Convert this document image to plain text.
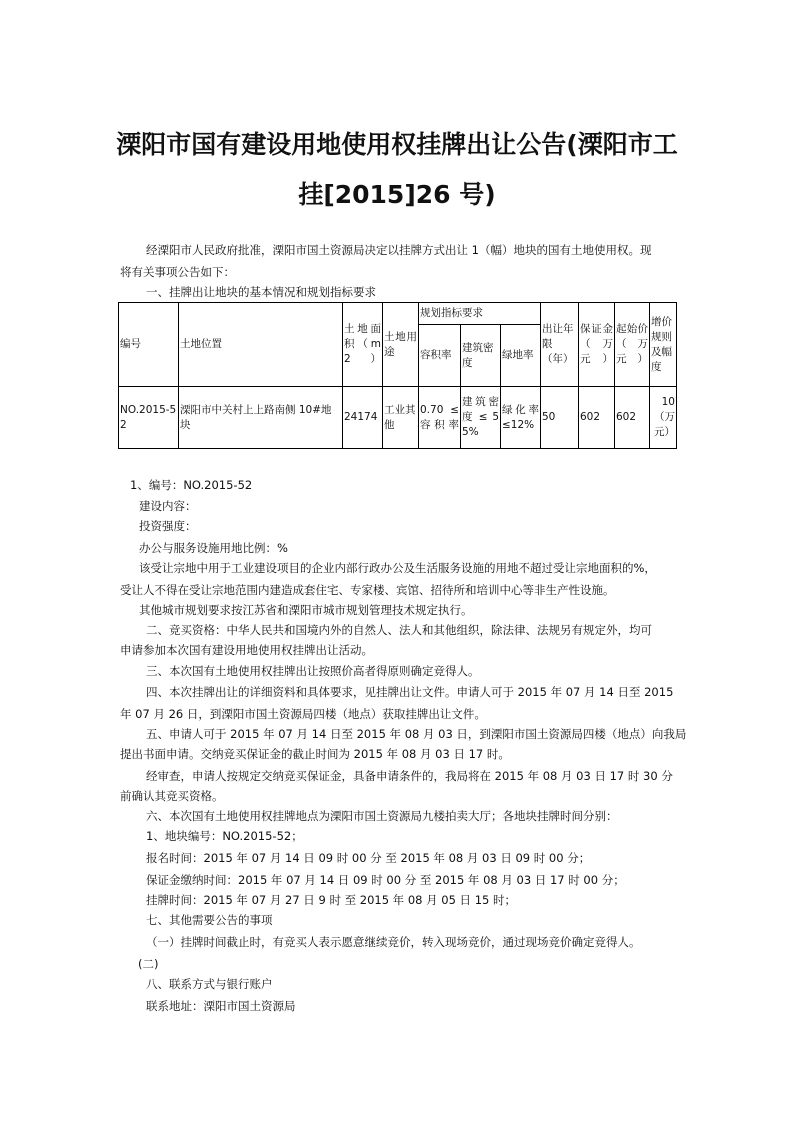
溧阳市国有建设用地使用权挂牌出让公告(溧阳市工
挂[2015]26 号)
经溧阳市人民政府批准，溧阳市国土资源局决定以挂牌方式出让 1（幅）地块的国有土地使用权。现
将有关事项公告如下：
一、挂牌出让地块的基本情况和规划指标要求
编号	土地位置	土地面积（m2）	土地用途	规划指标要求			出让年限（年）	保证金（万元）	起始价（万元）	增价规则及幅度
				容积率	建筑密度	绿地率				
NO.2015-52	溧阳市中关村上上路南侧 10#地块	24174	工业其他	0.70 ≤容积率	建筑密度 ≤ 55%	绿化率≤12%	50	602	602	10（万元）
1、编号：NO.2015-52
建设内容：
投资强度：
办公与服务设施用地比例：%
该受让宗地中用于工业建设项目的企业内部行政办公及生活服务设施的用地不超过受让宗地面积的%，
受让人不得在受让宗地范围内建造成套住宅、专家楼、宾馆、招待所和培训中心等非生产性设施。
其他城市规划要求按江苏省和溧阳市城市规划管理技术规定执行。
二、竞买资格：中华人民共和国境内外的自然人、法人和其他组织，除法律、法规另有规定外，均可
申请参加本次国有建设用地使用权挂牌出让活动。
三、本次国有土地使用权挂牌出让按照价高者得原则确定竞得人。
四、本次挂牌出让的详细资料和具体要求，见挂牌出让文件。申请人可于 2015 年 07 月 14 日至 2015
年 07 月 26 日，到溧阳市国土资源局四楼（地点）获取挂牌出让文件。
五、申请人可于 2015 年 07 月 14 日至 2015 年 08 月 03 日，到溧阳市国土资源局四楼（地点）向我局
提出书面申请。交纳竞买保证金的截止时间为 2015 年 08 月 03 日 17 时。
经审查，申请人按规定交纳竞买保证金，具备申请条件的，我局将在 2015 年 08 月 03 日 17 时 30 分
前确认其竞买资格。
六、本次国有土地使用权挂牌地点为溧阳市国土资源局九楼拍卖大厅；各地块挂牌时间分别：
1、地块编号：NO.2015-52；
报名时间：2015 年 07 月 14 日 09 时 00 分 至 2015 年 08 月 03 日 09 时 00 分；
保证金缴纳时间：2015 年 07 月 14 日 09 时 00 分 至 2015 年 08 月 03 日 17 时 00 分；
挂牌时间：2015 年 07 月 27 日 9 时 至 2015 年 08 月 05 日 15 时；
七、其他需要公告的事项
（一）挂牌时间截止时，有竞买人表示愿意继续竞价，转入现场竞价，通过现场竞价确定竞得人。
(二)
八、联系方式与银行账户
联系地址：溧阳市国土资源局
